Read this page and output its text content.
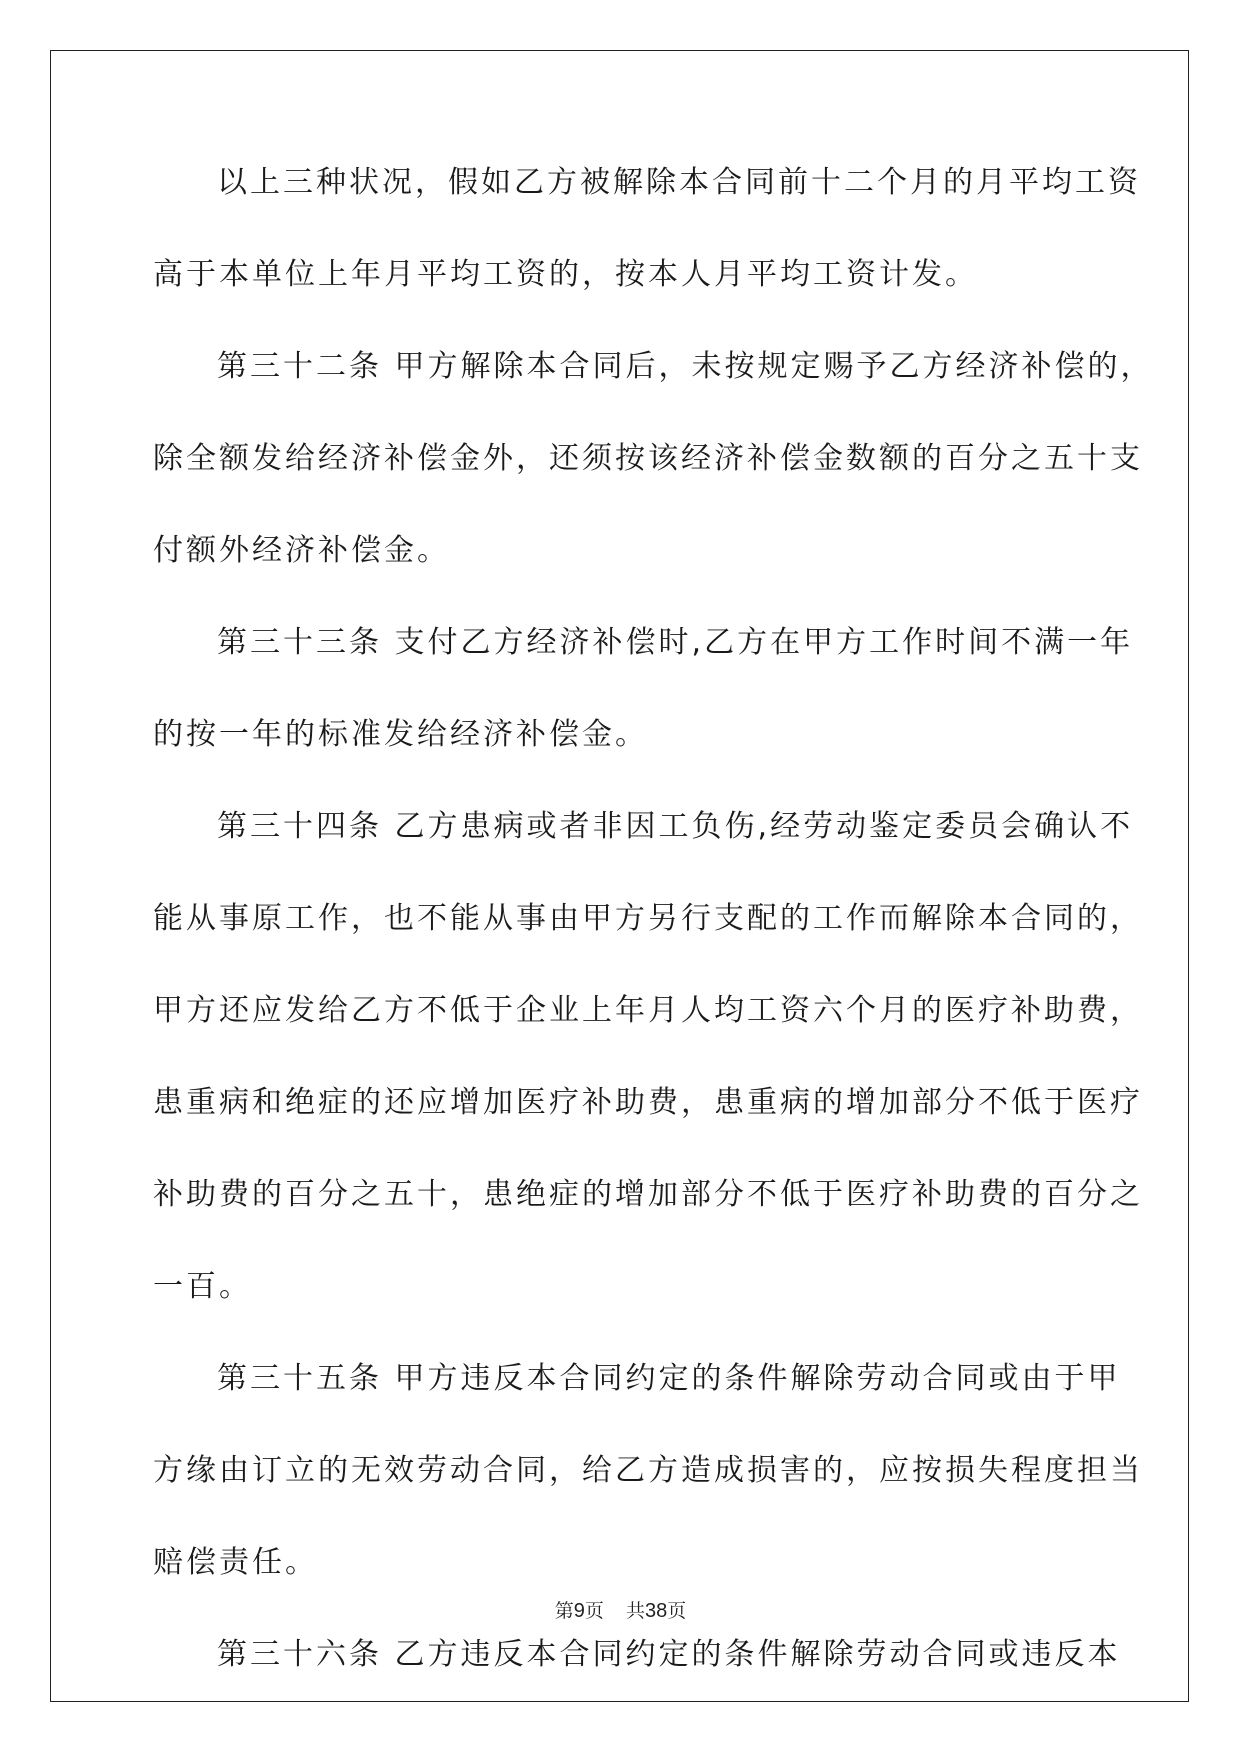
以上三种状况，假如乙方被解除本合同前十二个月的月平均工资
高于本单位上年月平均工资的，按本人月平均工资计发。
第三十二条 甲方解除本合同后，未按规定赐予乙方经济补偿的，
除全额发给经济补偿金外，还须按该经济补偿金数额的百分之五十支
付额外经济补偿金。
第三十三条 支付乙方经济补偿时,乙方在甲方工作时间不满一年
的按一年的标准发给经济补偿金。
第三十四条 乙方患病或者非因工负伤,经劳动鉴定委员会确认不
能从事原工作，也不能从事由甲方另行支配的工作而解除本合同的，
甲方还应发给乙方不低于企业上年月人均工资六个月的医疗补助费，
患重病和绝症的还应增加医疗补助费，患重病的增加部分不低于医疗
补助费的百分之五十，患绝症的增加部分不低于医疗补助费的百分之
一百。
第三十五条 甲方违反本合同约定的条件解除劳动合同或由于甲
方缘由订立的无效劳动合同，给乙方造成损害的，应按损失程度担当
赔偿责任。
第三十六条 乙方违反本合同约定的条件解除劳动合同或违反本
第9页 共38页
